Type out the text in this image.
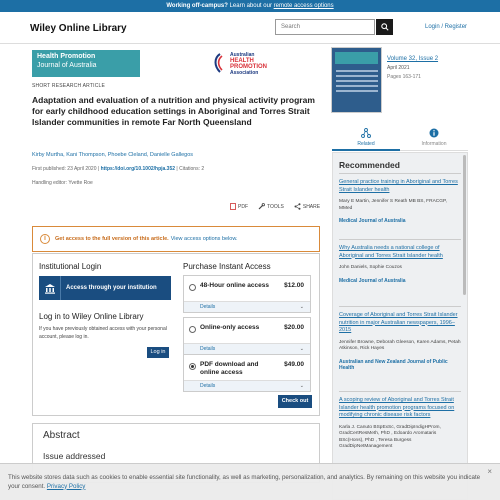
Working off-campus? Learn about our remote access options
Wiley Online Library	Search	Login / Register
Health Promotion
Journal of Australia
Australian
HEALTH
PROMOTION
Association
SHORT RESEARCH ARTICLE
Adaptation and evaluation of a nutrition and physical activity program for early childhood education settings in Aboriginal and Torres Strait Islander communities in remote Far North Queensland
Kirby Murtha, Kani Thompson, Phoebe Cleland, Danielle Gallegos
First published: 23 April 2020 | https://doi.org/10.1002/hpja.352 | Citations: 2
Handling editor: Yvette Roe
PDF	TOOLS	SHARE
i	Get access to the full version of this article. View access options below.
Institutional Login
Access through your institution
Log in to Wiley Online Library
If you have previously obtained access with your personal account, please log in.
Log in
Purchase Instant Access
48-Hour online access $12.00
Details	⌄
Online-only access	$20.00
Details	⌄
PDF download and online access
$49.00
Details	⌄
Check out
Abstract
Issue addressed
Volume 32, Issue 2
April 2021
Pages 163-171
Related	Information
Recommended
General practice training in Aboriginal and Torres Strait Islander health
Mary E Martin, Jennifer S Reath MB BS, FRACGP, MMed
Medical Journal of Australia
Why Australia needs a national college of Aboriginal and Torres Strait Islander health
John Daniels, Sophie Couzos
Medical Journal of Australia
Coverage of Aboriginal and Torres Strait Islander nutrition in major Australian newspapers, 1996–2015
Jennifer Browne, Deborah Gleeson, Karen Adams, Petah Atkinson, Rick Hayes
Australian and New Zealand Journal of Public Health
A scoping review of Aboriginal and Torres Strait Islander health promotion programs focused on modifying chronic disease risk factors
Karla J. Canuto BSpExSc, GradDipIndigHProm, GradCertResMeth, PhD , Edoardo Aromataris BSc(Hons), PhD , Teresa Burgess GradDipNetManagement
This website stores data such as cookies to enable essential site functionality, as well as marketing, personalization, and analytics. By remaining on this website you indicate your consent. Privacy Policy
×
